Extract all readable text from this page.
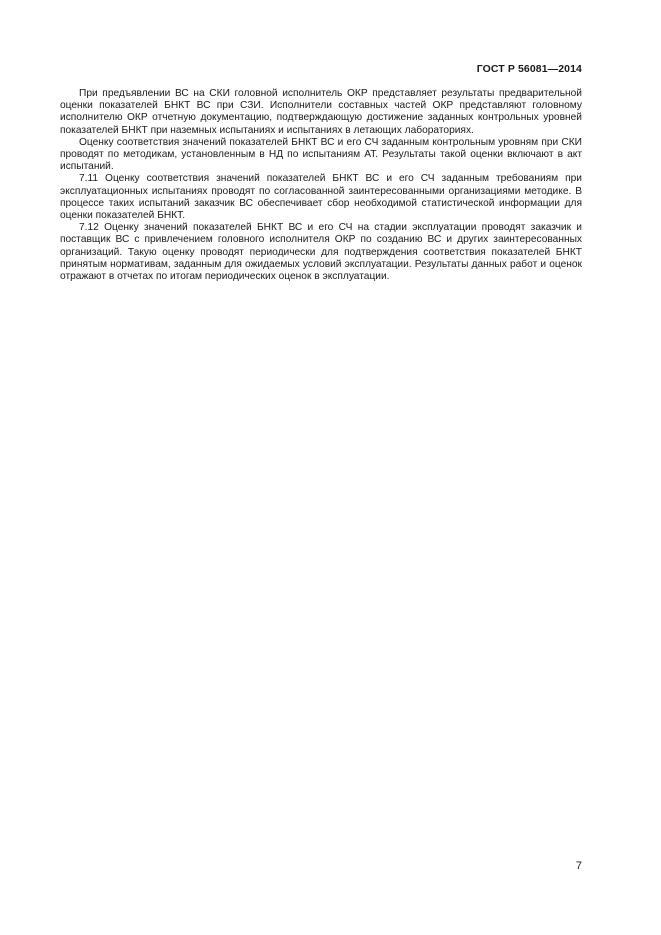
ГОСТ Р 56081—2014

При предъявлении ВС на СКИ головной исполнитель ОКР представляет результаты предварительной оценки показателей БНКТ ВС при СЗИ. Исполнители составных частей ОКР представляют головному исполнителю ОКР отчетную документацию, подтверждающую достижение заданных контрольных уровней показателей БНКТ при наземных испытаниях и испытаниях в летающих лабораториях.

Оценку соответствия значений показателей БНКТ ВС и его СЧ заданным контрольным уровням при СКИ проводят по методикам, установленным в НД по испытаниям АТ. Результаты такой оценки включают в акт испытаний.

7.11 Оценку соответствия значений показателей БНКТ ВС и его СЧ заданным требованиям при эксплуатационных испытаниях проводят по согласованной заинтересованными организациями методике. В процессе таких испытаний заказчик ВС обеспечивает сбор необходимой статистической информации для оценки показателей БНКТ.

7.12 Оценку значений показателей БНКТ ВС и его СЧ на стадии эксплуатации проводят заказчик и поставщик ВС с привлечением головного исполнителя ОКР по созданию ВС и других заинтересованных организаций. Такую оценку проводят периодически для подтверждения соответствия показателей БНКТ принятым нормативам, заданным для ожидаемых условий эксплуатации. Результаты данных работ и оценок отражают в отчетах по итогам периодических оценок в эксплуатации.

7
